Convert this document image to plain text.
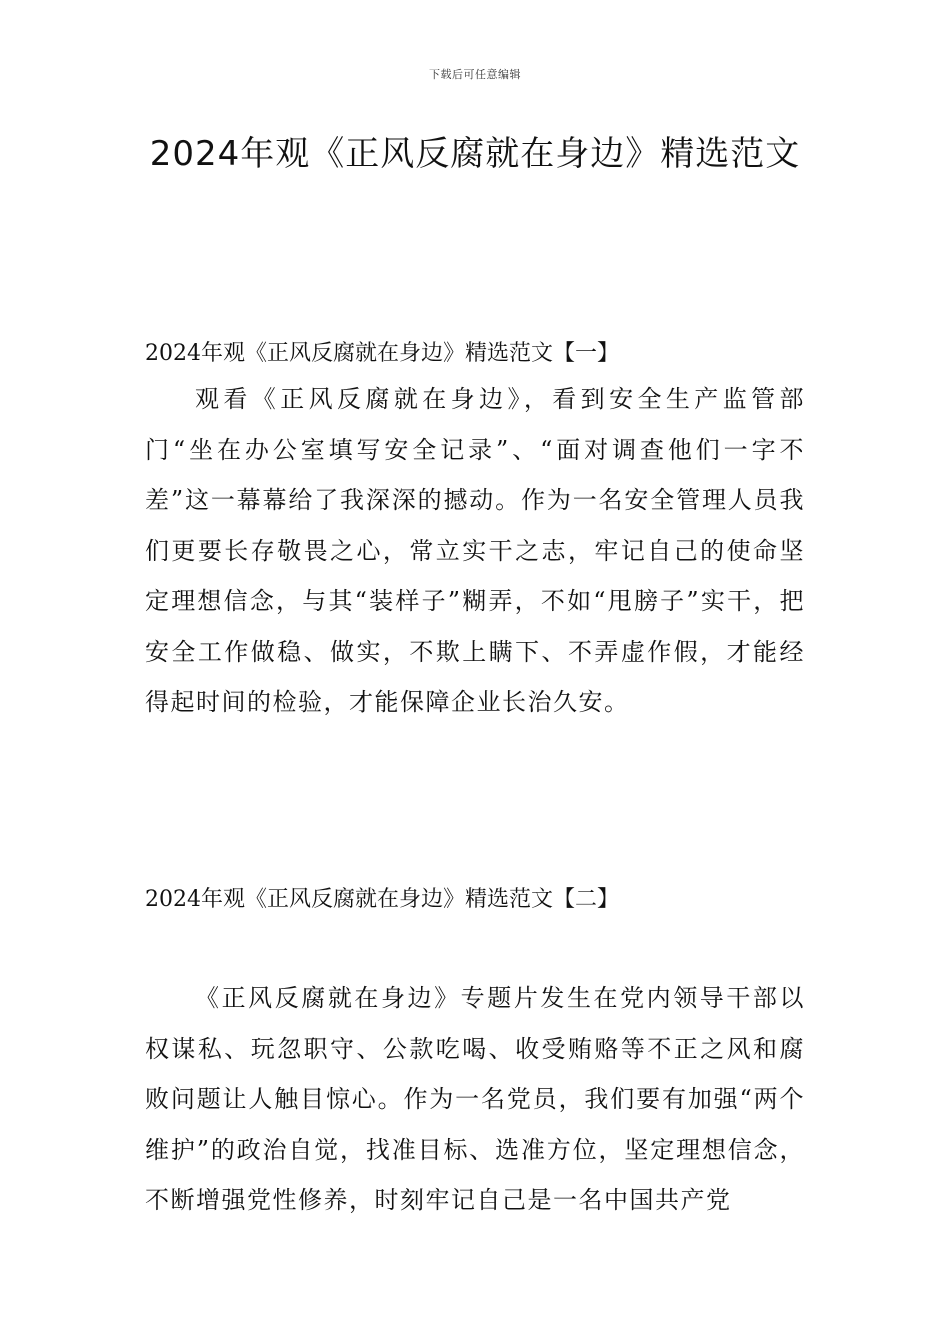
下载后可任意编辑
2024年观《正风反腐就在身边》精选范文
2024年观《正风反腐就在身边》精选范文【一】

观看《正风反腐就在身边》，看到安全生产监管部门“坐在办公室填写安全记录”、“面对调查他们一字不差”这一幕幕给了我深深的撼动。作为一名安全管理人员我们更要长存敬畏之心，常立实干之志，牢记自己的使命坚定理想信念，与其“装样子”糊弄，不如“甩膀子”实干，把安全工作做稳、做实，不欺上瞒下、不弄虚作假，才能经得起时间的检验，才能保障企业长治久安。

2024年观《正风反腐就在身边》精选范文【二】

《正风反腐就在身边》专题片发生在党内领导干部以权谋私、玩忽职守、公款吃喝、收受贿赂等不正之风和腐败问题让人触目惊心。作为一名党员，我们要有加强“两个维护”的政治自觉，找准目标、选准方位，坚定理想信念，不断增强党性修养，时刻牢记自己是一名中国共产党
